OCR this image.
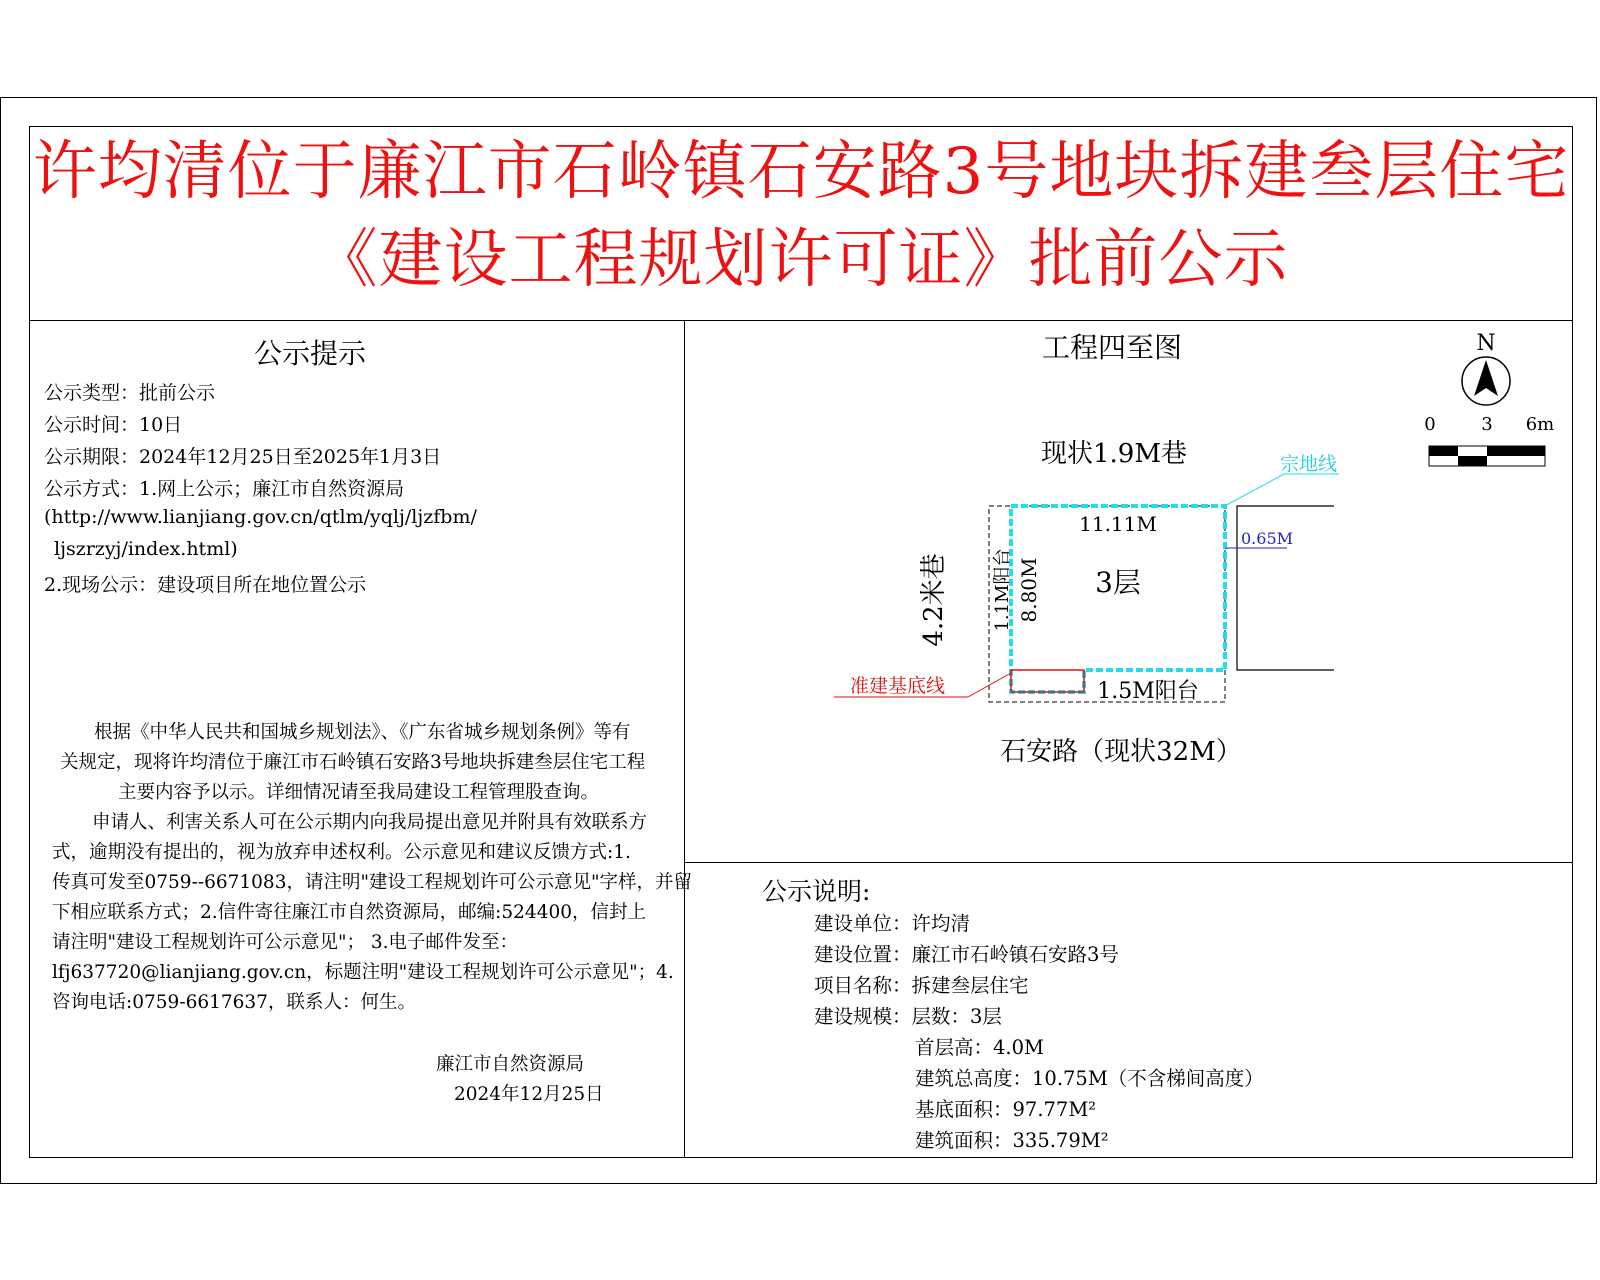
许均清位于廉江市石岭镇石安路3号地块拆建叁层住宅
《建设工程规划许可证》批前公示
公示提示
公示类型：批前公示
公示时间：10日
公示期限：2024年12月25日至2025年1月3日
公示方式：1.网上公示；廉江市自然资源局
(http://www.lianjiang.gov.cn/qtlm/yqlj/ljzfbm/
ljszrzyj/index.html)
2.现场公示：建设项目所在地位置公示
根据《中华人民共和国城乡规划法》、《广东省城乡规划条例》等有
关规定，现将许均清位于廉江市石岭镇石安路3号地块拆建叁层住宅工程
主要内容予以示。详细情况请至我局建设工程管理股查询。
申请人、利害关系人可在公示期内向我局提出意见并附具有效联系方
式，逾期没有提出的，视为放弃申述权利。公示意见和建议反馈方式:1.
传真可发至0759--6671083，请注明"建设工程规划许可公示意见"字样，并留
下相应联系方式；2.信件寄往廉江市自然资源局，邮编:524400，信封上
请注明"建设工程规划许可公示意见"； 3.电子邮件发至：
lfj637720@lianjiang.gov.cn，标题注明"建设工程规划许可公示意见"；4.
咨询电话:0759-6617637，联系人：何生。
廉江市自然资源局
2024年12月25日
工程四至图	N
0	3 6m
现状1.9M巷
4.2米巷
石安路（现状32M）
宗地线
准建基底线
0.65M
11.11M
8.80M
1.1M阳台	3层
1.5M阳台
公示说明:
建设单位：许均清
建设位置：廉江市石岭镇石安路3号
项目名称：拆建叁层住宅
建设规模：层数：3层
首层高：4.0M
建筑总高度：10.75M（不含梯间高度）
基底面积：97.77M²
建筑面积：335.79M²
